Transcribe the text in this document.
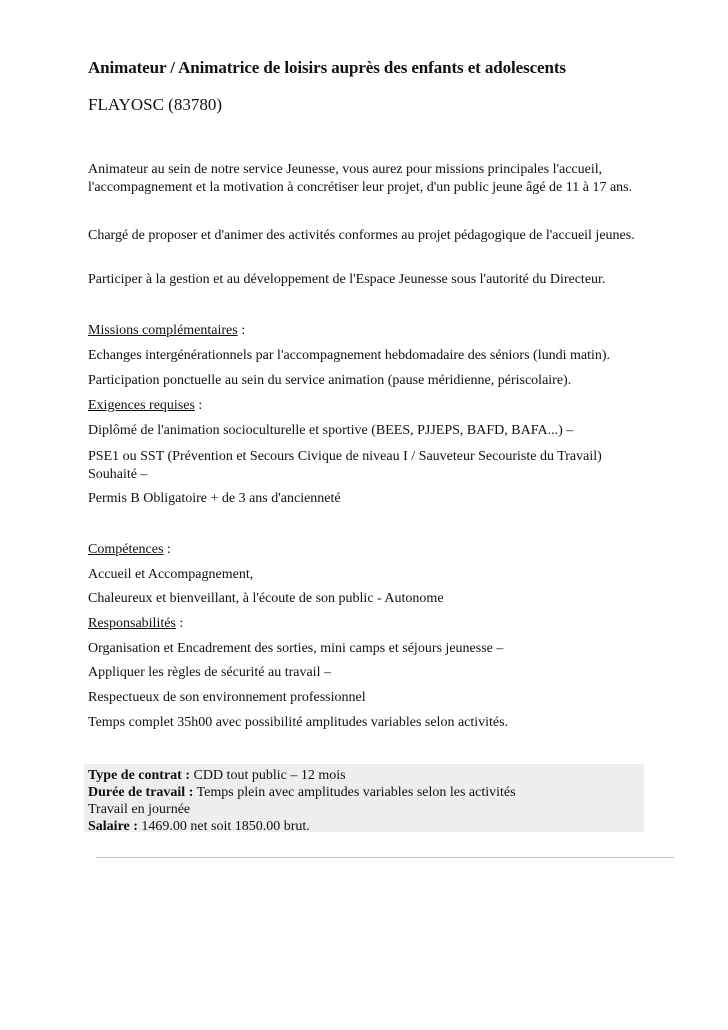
Animateur / Animatrice de loisirs auprès des enfants et adolescents
FLAYOSC (83780)
Animateur au sein de notre service Jeunesse, vous aurez pour missions principales l'accueil, l'accompagnement et la motivation à concrétiser leur projet, d'un public jeune âgé de 11 à 17 ans.
Chargé de proposer et d'animer des activités conformes au projet pédagogique de l'accueil jeunes.
Participer à la gestion et au développement de l'Espace Jeunesse sous l'autorité du Directeur.
Missions complémentaires :
Echanges intergénérationnels par l'accompagnement hebdomadaire des séniors (lundi matin).
Participation ponctuelle au sein du service animation (pause méridienne, périscolaire).
Exigences requises :
Diplômé de l'animation socioculturelle et sportive (BEES, PJJEPS, BAFD, BAFA...) –
PSE1 ou SST (Prévention et Secours Civique de niveau I / Sauveteur Secouriste du Travail) Souhaité –
Permis B Obligatoire + de 3 ans d'ancienneté
Compétences :
Accueil et Accompagnement,
Chaleureux et bienveillant, à l'écoute de son public - Autonome
Responsabilités :
Organisation et Encadrement des sorties, mini camps et séjours jeunesse –
Appliquer les règles de sécurité au travail –
Respectueux de son environnement professionnel
Temps complet 35h00 avec possibilité amplitudes variables selon activités.
Type de contrat : CDD tout public – 12 mois
Durée de travail : Temps plein avec amplitudes variables selon les activités
Travail en journée
Salaire : 1469.00 net soit 1850.00 brut.
